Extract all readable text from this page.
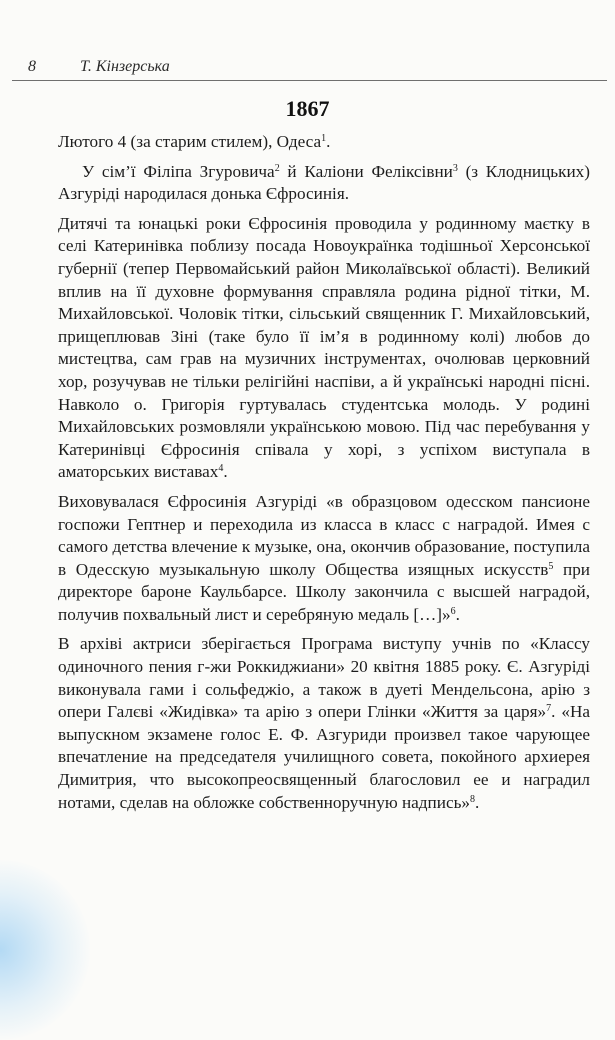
8	Т. Кінзерська
1867

Лютого 4 (за старим стилем), Одеса$^1$.

У сім’ї Філіпа Згуровича$^2$ й Каліони Феліксівни$^3$ (з Клодницьких) Азгуріді народилася донька Єфросинія.

Дитячі та юнацькі роки Єфросинія проводила у родинному маєтку в селі Катеринівка поблизу посада Новоукраїнка тодішньої Херсонської губернії (тепер Первомайський район Миколаївської області). Великий вплив на її духовне формування справляла родина рідної тітки, М. Михайловської. Чоловік тітки, сільський священник Г. Михайловський, прищеплював Зіні (таке було її ім’я в родинному колі) любов до мистецтва, сам грав на музичних інструментах, очолював церковний хор, розучував не тільки релігійні наспіви, а й українські народні пісні. Навколо о. Григорія гуртувалась студентська молодь. У родині Михайловських розмовляли українською мовою. Під час перебування у Катеринівці Єфросинія співала у хорі, з успіхом виступала в аматорських виставах$^4$.

Виховувалася Єфросинія Азгуріді «в образцовом одесском пансионе госпожи Гептнер и переходила из класса в класс с наградой. Имея с самого детства влечение к музыке, она, окончив образование, поступила в Одесскую музыкальную школу Общества изящных искусств$^5$ при директоре бароне Каульбарсе. Школу закончила с высшей наградой, получив похвальный лист и серебряную медаль […]»$^6$.

В архіві актриси зберігається Програма виступу учнів по «Классу одиночного пения г-жи Роккиджиани» 20 квітня 1885 року. Є. Азгуріді виконувала гами і сольфеджіо, а також в дуеті Мендельсона, арію з опери Галєві «Жидівка» та арію з опери Глінки «Життя за царя»$^7$. «На выпускном экзамене голос Е. Ф. Азгуриди произвел такое чарующее впечатление на председателя училищного совета, покойного архиерея Димитрия, что высокопреосвященный благословил ее и наградил нотами, сделав на обложке собственноручную надпись»$^8$.
